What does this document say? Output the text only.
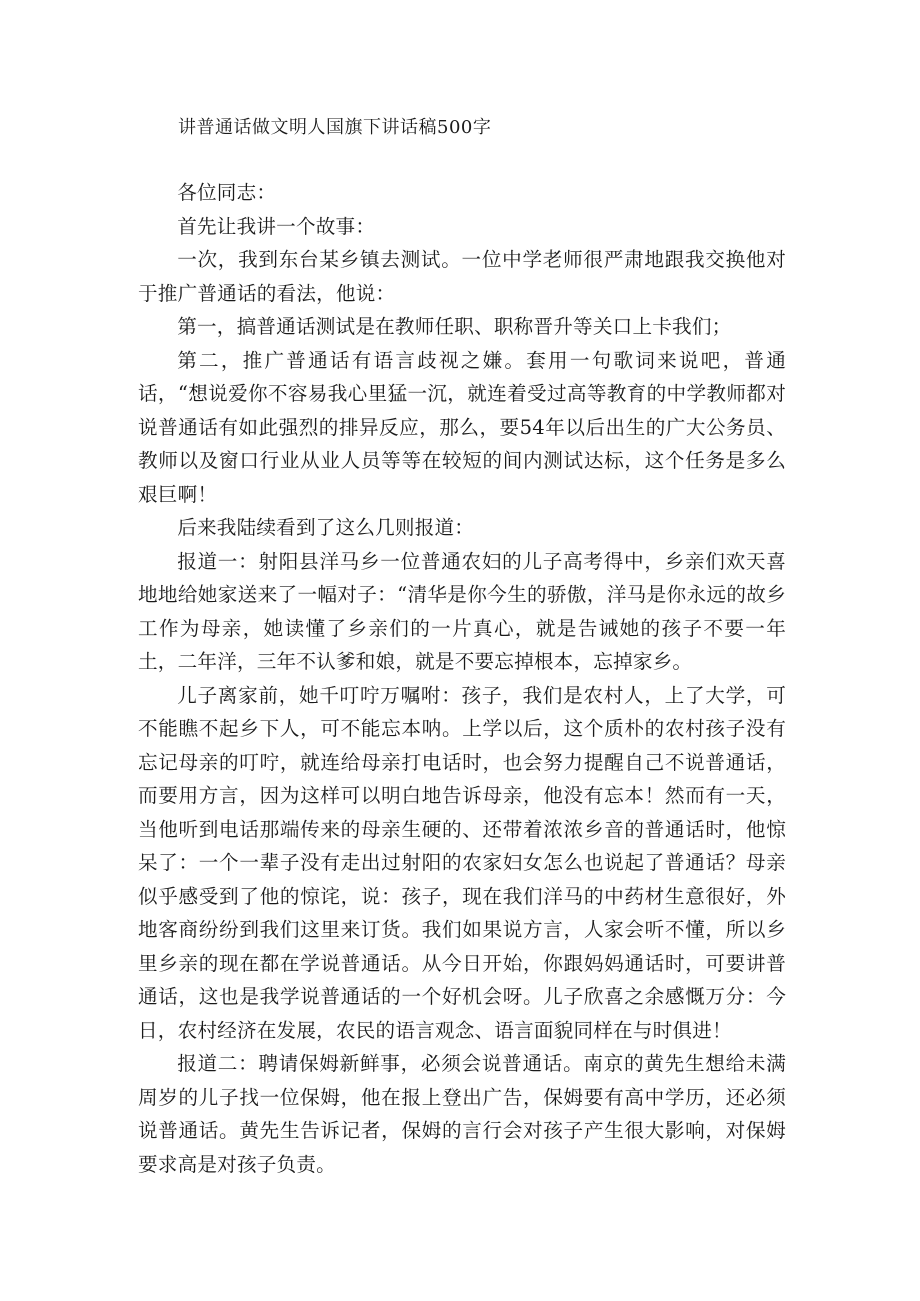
讲普通话做文明人国旗下讲话稿500字

各位同志：

首先让我讲一个故事：

一次，我到东台某乡镇去测试。一位中学老师很严肃地跟我交换他对于推广普通话的看法，他说：

第一，搞普通话测试是在教师任职、职称晋升等关口上卡我们；

第二，推广普通话有语言歧视之嫌。套用一句歌词来说吧，普通话，“想说爱你不容易我心里猛一沉，就连着受过高等教育的中学教师都对说普通话有如此强烈的排异反应，那么，要54年以后出生的广大公务员、教师以及窗口行业从业人员等等在较短的间内测试达标，这个任务是多么艰巨啊！

后来我陆续看到了这么几则报道：

报道一：射阳县洋马乡一位普通农妇的儿子高考得中，乡亲们欢天喜地地给她家送来了一幅对子：“清华是你今生的骄傲，洋马是你永远的故乡工作为母亲，她读懂了乡亲们的一片真心，就是告诫她的孩子不要一年土，二年洋，三年不认爹和娘，就是不要忘掉根本，忘掉家乡。

儿子离家前，她千叮咛万嘱咐：孩子，我们是农村人，上了大学，可不能瞧不起乡下人，可不能忘本呐。上学以后，这个质朴的农村孩子没有忘记母亲的叮咛，就连给母亲打电话时，也会努力提醒自己不说普通话，而要用方言，因为这样可以明白地告诉母亲，他没有忘本！然而有一天，当他听到电话那端传来的母亲生硬的、还带着浓浓乡音的普通话时，他惊呆了：一个一辈子没有走出过射阳的农家妇女怎么也说起了普通话？母亲似乎感受到了他的惊诧，说：孩子，现在我们洋马的中药材生意很好，外地客商纷纷到我们这里来订货。我们如果说方言，人家会听不懂，所以乡里乡亲的现在都在学说普通话。从今日开始，你跟妈妈通话时，可要讲普通话，这也是我学说普通话的一个好机会呀。儿子欣喜之余感慨万分：今日，农村经济在发展，农民的语言观念、语言面貌同样在与时俱进！

报道二：聘请保姆新鲜事，必须会说普通话。南京的黄先生想给未满周岁的儿子找一位保姆，他在报上登出广告，保姆要有高中学历，还必须说普通话。黄先生告诉记者，保姆的言行会对孩子产生很大影响，对保姆要求高是对孩子负责。
